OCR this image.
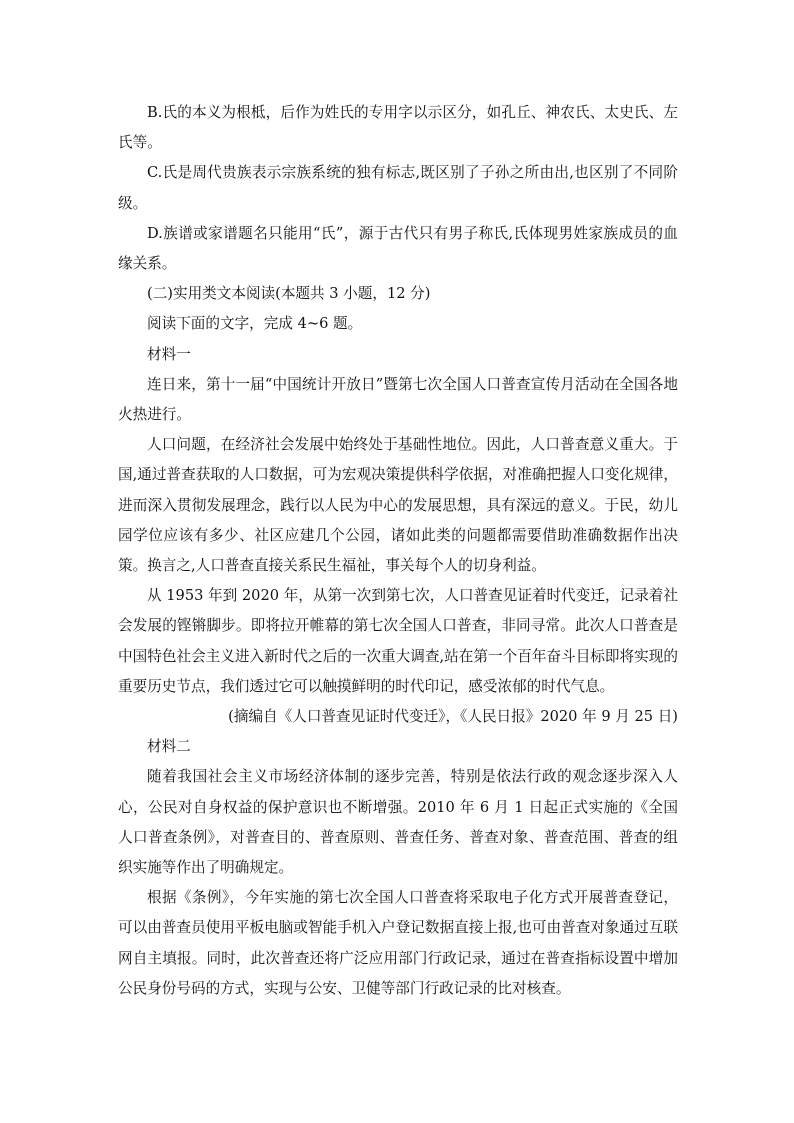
B.氏的本义为根柢，后作为姓氏的专用字以示区分，如孔丘、神农氏、太史氏、左氏等。

C.氏是周代贵族表示宗族系统的独有标志,既区别了子孙之所由出,也区别了不同阶级。

D.族谱或家谱题名只能用“氏”，源于古代只有男子称氏,氏体现男姓家族成员的血缘关系。

(二)实用类文本阅读(本题共 3 小题，12 分)

阅读下面的文字，完成 4~6 题。

材料一

连日来，第十一届“中国统计开放日”暨第七次全国人口普查宣传月活动在全国各地火热进行。

人口问题，在经济社会发展中始终处于基础性地位。因此，人口普查意义重大。于国,通过普查获取的人口数据，可为宏观决策提供科学依据，对准确把握人口变化规律，进而深入贯彻发展理念，践行以人民为中心的发展思想，具有深远的意义。于民，幼儿园学位应该有多少、社区应建几个公园，诸如此类的问题都需要借助准确数据作出决策。换言之,人口普查直接关系民生福祉，事关每个人的切身利益。

从 1953 年到 2020 年，从第一次到第七次，人口普查见证着时代变迁，记录着社会发展的铿锵脚步。即将拉开帷幕的第七次全国人口普查，非同寻常。此次人口普查是中国特色社会主义进入新时代之后的一次重大调查,站在第一个百年奋斗目标即将实现的重要历史节点，我们透过它可以触摸鲜明的时代印记，感受浓郁的时代气息。

(摘编自《人口普查见证时代变迁》，《人民日报》2020 年 9 月 25 日)

材料二

随着我国社会主义市场经济体制的逐步完善，特别是依法行政的观念逐步深入人心，公民对自身权益的保护意识也不断增强。2010 年 6 月 1 日起正式实施的《全国人口普查条例》，对普查目的、普查原则、普查任务、普查对象、普查范围、普查的组织实施等作出了明确规定。

根据《条例》，今年实施的第七次全国人口普查将采取电子化方式开展普查登记，可以由普查员使用平板电脑或智能手机入户登记数据直接上报,也可由普查对象通过互联网自主填报。同时，此次普查还将广泛应用部门行政记录，通过在普查指标设置中增加公民身份号码的方式，实现与公安、卫健等部门行政记录的比对核查。
